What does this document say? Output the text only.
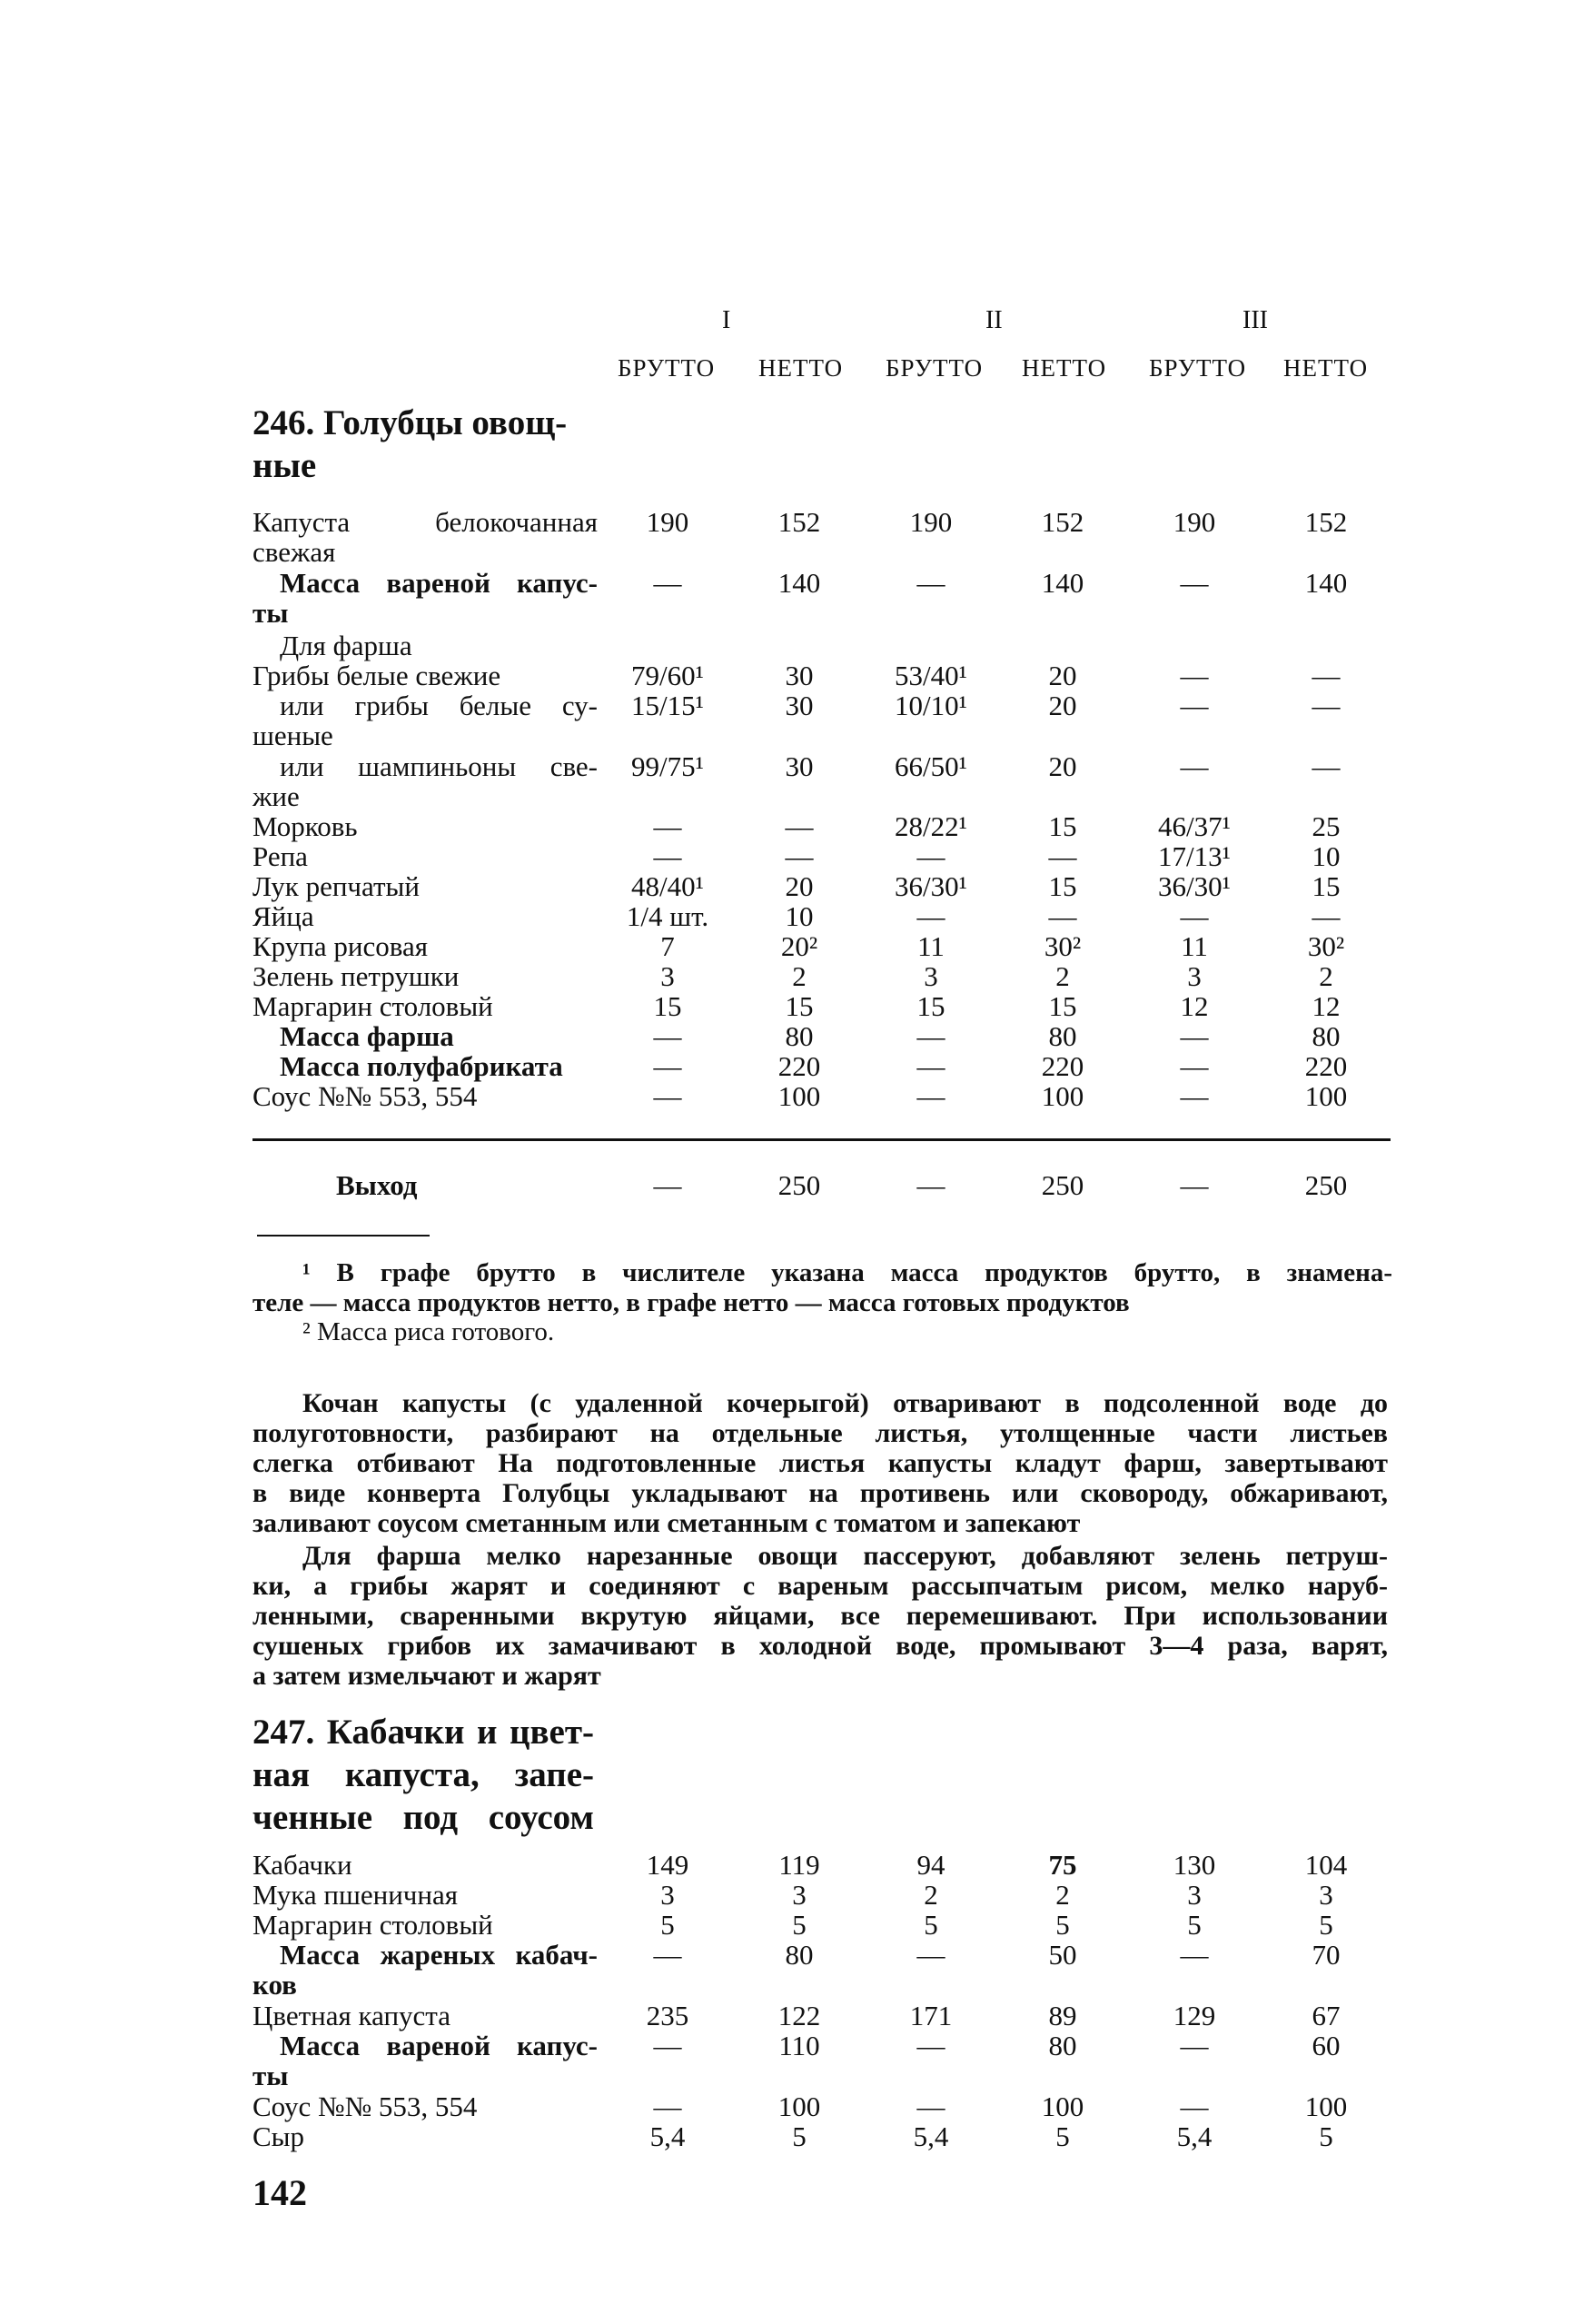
I	II	III
БРУТТО НЕТТО БРУТТО НЕТТО БРУТТО НЕТТО
246. Голубцы овощ-
ные
Капуста белокочанная
свежая
190	152	190	152	190	152
Масса вареной капус-
ты
—	140	—	140	—	140
Для фарша
Грибы белые свежие	79/60¹	30	53/40¹	20	—	—
или грибы белые су-
шеные
15/15¹	30	10/10¹	20	—	—
или шампиньоны све-
жие
99/75¹	30	66/50¹	20	—	—
Морковь	—	—	28/22¹	15	46/37¹	25
Репа	—	—	—	—	17/13¹	10
Лук репчатый	48/40¹	20	36/30¹	15	36/30¹	15
Яйца	1/4 шт.	10	—	—	—	—
Крупа рисовая	7	20²	11	30²	11	30²
Зелень петрушки	3	2	3	2	3	2
Маргарин столовый	15	15	15	15	12	12
Масса фарша	—	80	—	80	—	80
Масса полуфабриката	—	220	—	220	—	220
Соус №№ 553, 554	—	100	—	100	—	100
Выход	—	250	—	250	—	250
¹ В графе брутто в числителе указана масса продуктов брутто, в знамена-
теле — масса продуктов нетто, в графе нетто — масса готовых продуктов
² Масса риса готового.
Кочан капусты (с удаленной кочерыгой) отваривают в подсоленной воде до
полуготовности, разбирают на отдельные листья, утолщенные части листьев
слегка отбивают На подготовленные листья капусты кладут фарш, завертывают
в виде конверта Голубцы укладывают на противень или сковороду, обжаривают,
заливают соусом сметанным или сметанным с томатом и запекают
Для фарша мелко нарезанные овощи пассеруют, добавляют зелень петруш-
ки, а грибы жарят и соединяют с вареным рассыпчатым рисом, мелко наруб-
ленными, сваренными вкрутую яйцами, все перемешивают. При использовании
сушеных грибов их замачивают в холодной воде, промывают 3—4 раза, варят,
а затем измельчают и жарят
247. Кабачки и цвет-
ная капуста, запе-
ченные под соусом
Кабачки	149	119	94	75	130	104
Мука пшеничная	3	3	2	2	3	3
Маргарин столовый	5	5	5	5	5	5
Масса жареных кабач-
ков
—	80	—	50	—	70
Цветная капуста	235	122	171	89	129	67
Масса вареной капус-
ты
—	110	—	80	—	60
Соус №№ 553, 554	—	100	—	100	—	100
Сыр	5,4	5	5,4	5	5,4	5
142
